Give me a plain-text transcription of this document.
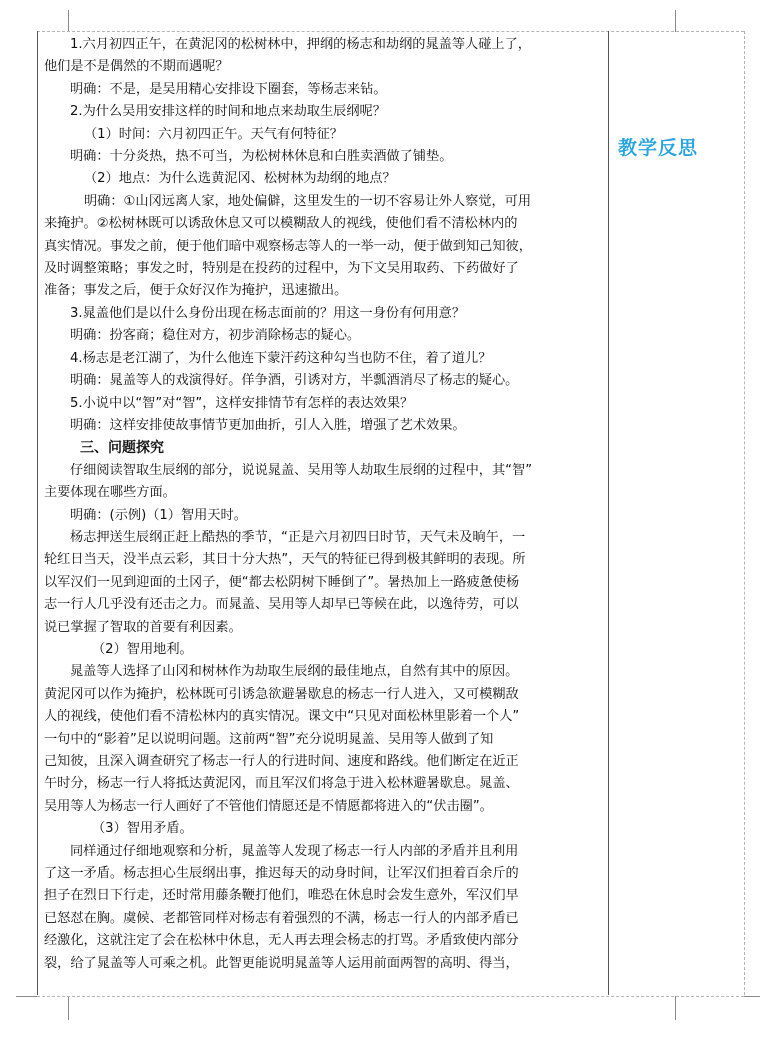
教学反思

1.六月初四正午，在黄泥冈的松树林中，押纲的杨志和劫纲的晁盖等人碰上了，

他们是不是偶然的不期而遇呢？

明确：不是，是吴用精心安排设下圈套，等杨志来钻。

2.为什么吴用安排这样的时间和地点来劫取生辰纲呢？

（1）时间：六月初四正午。天气有何特征？

明确：十分炎热，热不可当，为松树林休息和白胜卖酒做了铺垫。

（2）地点：为什么选黄泥冈、松树林为劫纲的地点？

明确：①山冈远离人家，地处偏僻，这里发生的一切不容易让外人察觉，可用

来掩护。②松树林既可以诱敌休息又可以模糊敌人的视线，使他们看不清松林内的

真实情况。事发之前，便于他们暗中观察杨志等人的一举一动，便于做到知己知彼，

及时调整策略；事发之时，特别是在投药的过程中，为下文吴用取药、下药做好了

准备；事发之后，便于众好汉作为掩护，迅速撤出。

3.晁盖他们是以什么身份出现在杨志面前的？用这一身份有何用意？

明确：扮客商；稳住对方，初步消除杨志的疑心。

4.杨志是老江湖了，为什么他连下蒙汗药这种勾当也防不住，着了道儿？

明确：晁盖等人的戏演得好。佯争酒，引诱对方，半瓢酒消尽了杨志的疑心。

5.小说中以“智”对“智”，这样安排情节有怎样的表达效果？

明确：这样安排使故事情节更加曲折，引人入胜，增强了艺术效果。

三、问题探究

仔细阅读智取生辰纲的部分，说说晁盖、吴用等人劫取生辰纲的过程中，其“智”

主要体现在哪些方面。

明确：(示例)（1）智用天时。

杨志押送生辰纲正赶上酷热的季节，“正是六月初四日时节，天气未及晌午，一

轮红日当天，没半点云彩，其日十分大热”，天气的特征已得到极其鲜明的表现。所

以军汉们一见到迎面的土冈子，便“都去松阴树下睡倒了”。暑热加上一路疲惫使杨

志一行人几乎没有还击之力。而晁盖、吴用等人却早已等候在此，以逸待劳，可以

说已掌握了智取的首要有利因素。

（2）智用地利。

晁盖等人选择了山冈和树林作为劫取生辰纲的最佳地点，自然有其中的原因。

黄泥冈可以作为掩护，松林既可引诱急欲避暑歇息的杨志一行人进入，又可模糊敌

人的视线，使他们看不清松林内的真实情况。课文中“只见对面松林里影着一个人”

一句中的“影着”足以说明问题。这前两“智”充分说明晁盖、吴用等人做到了知

己知彼，且深入调查研究了杨志一行人的行进时间、速度和路线。他们断定在近正

午时分，杨志一行人将抵达黄泥冈，而且军汉们将急于进入松林避暑歇息。晁盖、

吴用等人为杨志一行人画好了不管他们情愿还是不情愿都将进入的“伏击圈”。

（3）智用矛盾。

同样通过仔细地观察和分析，晁盖等人发现了杨志一行人内部的矛盾并且利用

了这一矛盾。杨志担心生辰纲出事，推迟每天的动身时间，让军汉们担着百余斤的

担子在烈日下行走，还时常用藤条鞭打他们，唯恐在休息时会发生意外，军汉们早

已怒怼在胸。虞候、老都管同样对杨志有着强烈的不满，杨志一行人的内部矛盾已

经激化，这就注定了会在松林中休息，无人再去理会杨志的打骂。矛盾致使内部分

裂，给了晁盖等人可乘之机。此智更能说明晁盖等人运用前面两智的高明、得当，
